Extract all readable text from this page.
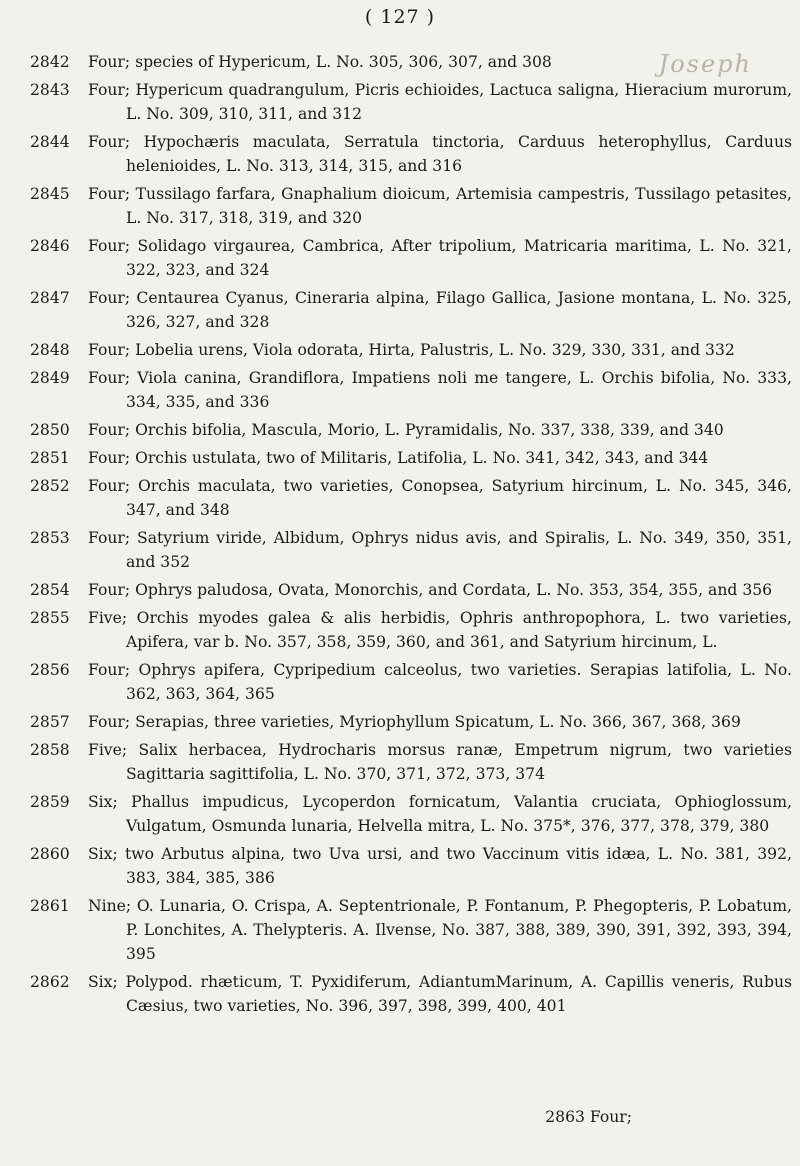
( 127 )
Joseph
2842 Four; species of Hypericum, L. No. 305, 306, 307, and 308
2843 Four; Hypericum quadrangulum, Picris echioides, Lactuca saligna, Hieracium murorum, L. No. 309, 310, 311, and 312
2844 Four; Hypochæris maculata, Serratula tinctoria, Carduus heterophyllus, Carduus helenioides, L. No. 313, 314, 315, and 316
2845 Four; Tussilago farfara, Gnaphalium dioicum, Artemisia campestris, Tussilago petasites, L. No. 317, 318, 319, and 320
2846 Four; Solidago virgaurea, Cambrica, After tripolium, Matricaria maritima, L. No. 321, 322, 323, and 324
2847 Four; Centaurea Cyanus, Cineraria alpina, Filago Gallica, Jasione montana, L. No. 325, 326, 327, and 328
2848 Four; Lobelia urens, Viola odorata, Hirta, Palustris, L. No. 329, 330, 331, and 332
2849 Four; Viola canina, Grandiflora, Impatiens noli me tangere, L. Orchis bifolia, No. 333, 334, 335, and 336
2850 Four; Orchis bifolia, Mascula, Morio, L. Pyramidalis, No. 337, 338, 339, and 340
2851 Four; Orchis ustulata, two of Militaris, Latifolia, L. No. 341, 342, 343, and 344
2852 Four; Orchis maculata, two varieties, Conopsea, Satyrium hircinum, L. No. 345, 346, 347, and 348
2853 Four; Satyrium viride, Albidum, Ophrys nidus avis, and Spiralis, L. No. 349, 350, 351, and 352
2854 Four; Ophrys paludosa, Ovata, Monorchis, and Cordata, L. No. 353, 354, 355, and 356
2855 Five; Orchis myodes galea & alis herbidis, Ophris anthropophora, L. two varieties, Apifera, var b. No. 357, 358, 359, 360, and 361, and Satyrium hircinum, L.
2856 Four; Ophrys apifera, Cypripedium calceolus, two varieties. Serapias latifolia, L. No. 362, 363, 364, 365
2857 Four; Serapias, three varieties, Myriophyllum Spicatum, L. No. 366, 367, 368, 369
2858 Five; Salix herbacea, Hydrocharis morsus ranæ, Empetrum nigrum, two varieties Sagittaria sagittifolia, L. No. 370, 371, 372, 373, 374
2859 Six; Phallus impudicus, Lycoperdon fornicatum, Valantia cruciata, Ophioglossum, Vulgatum, Osmunda lunaria, Helvella mitra, L. No. 375*, 376, 377, 378, 379, 380
2860 Six; two Arbutus alpina, two Uva ursi, and two Vaccinum vitis idæa, L. No. 381, 392, 383, 384, 385, 386
2861 Nine; O. Lunaria, O. Crispa, A. Septentrionale, P. Fontanum, P. Phegopteris, P. Lobatum, P. Lonchites, A. Thelypteris. A. Ilvense, No. 387, 388, 389, 390, 391, 392, 393, 394, 395
2862 Six; Polypod. rhæticum, T. Pyxidiferum, AdiantumMarinum, A. Capillis veneris, Rubus Cæsius, two varieties, No. 396, 397, 398, 399, 400, 401
2863 Four;
